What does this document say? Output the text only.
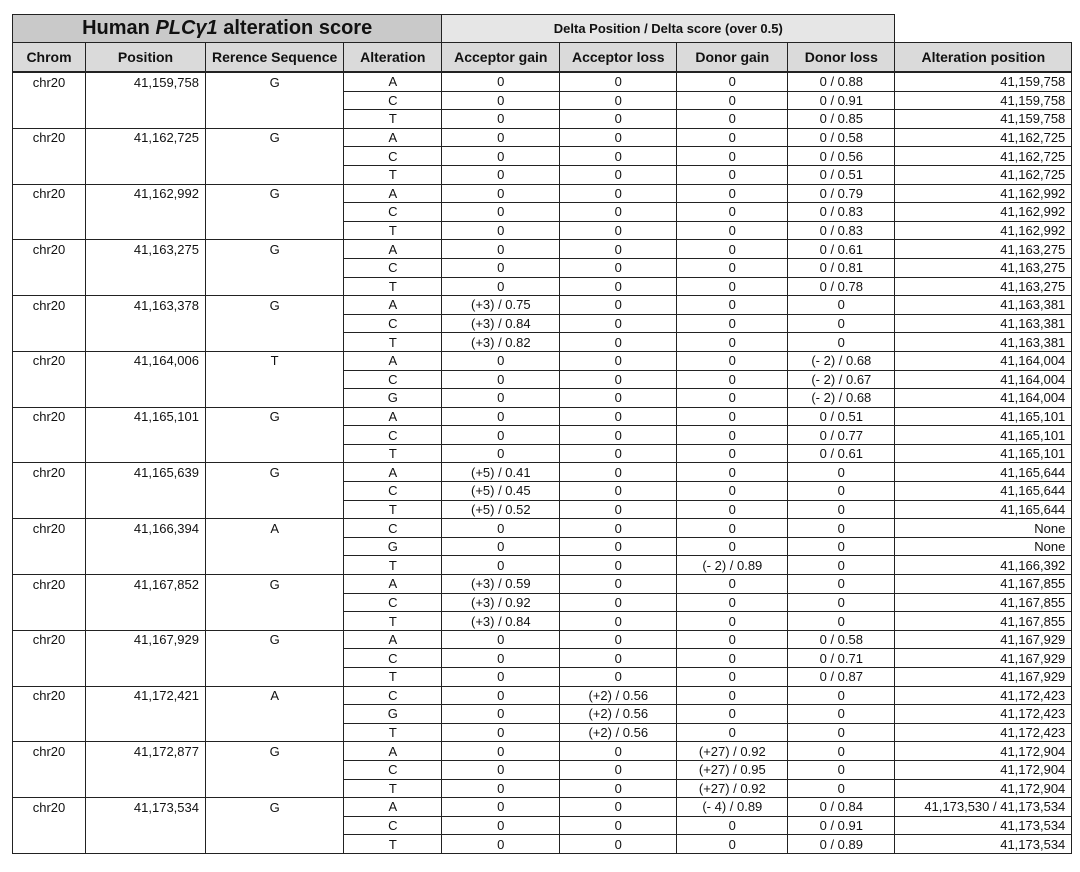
Human PLCγ1 alteration score				Delta Position / Delta score (over 0.5)				
Chrom	Position	Rerence Sequence	Alteration	Acceptor gain	Acceptor loss	Donor gain	Donor loss	Alteration position
chr20	41,159,758	G	A	0	0	0	0 / 0.88	41,159,758
			C	0	0	0	0 / 0.91	41,159,758
			T	0	0	0	0 / 0.85	41,159,758
chr20	41,162,725	G	A	0	0	0	0 / 0.58	41,162,725
			C	0	0	0	0 / 0.56	41,162,725
			T	0	0	0	0 / 0.51	41,162,725
chr20	41,162,992	G	A	0	0	0	0 / 0.79	41,162,992
			C	0	0	0	0 / 0.83	41,162,992
			T	0	0	0	0 / 0.83	41,162,992
chr20	41,163,275	G	A	0	0	0	0 / 0.61	41,163,275
			C	0	0	0	0 / 0.81	41,163,275
			T	0	0	0	0 / 0.78	41,163,275
chr20	41,163,378	G	A	(+3) / 0.75	0	0	0	41,163,381
			C	(+3) / 0.84	0	0	0	41,163,381
			T	(+3) / 0.82	0	0	0	41,163,381
chr20	41,164,006	T	A	0	0	0	(- 2) / 0.68	41,164,004
			C	0	0	0	(- 2) / 0.67	41,164,004
			G	0	0	0	(- 2) / 0.68	41,164,004
chr20	41,165,101	G	A	0	0	0	0 / 0.51	41,165,101
			C	0	0	0	0 / 0.77	41,165,101
			T	0	0	0	0 / 0.61	41,165,101
chr20	41,165,639	G	A	(+5) / 0.41	0	0	0	41,165,644
			C	(+5) / 0.45	0	0	0	41,165,644
			T	(+5) / 0.52	0	0	0	41,165,644
chr20	41,166,394	A	C	0	0	0	0	None
			G	0	0	0	0	None
			T	0	0	(- 2) / 0.89	0	41,166,392
chr20	41,167,852	G	A	(+3) / 0.59	0	0	0	41,167,855
			C	(+3) / 0.92	0	0	0	41,167,855
			T	(+3) / 0.84	0	0	0	41,167,855
chr20	41,167,929	G	A	0	0	0	0 / 0.58	41,167,929
			C	0	0	0	0 / 0.71	41,167,929
			T	0	0	0	0 / 0.87	41,167,929
chr20	41,172,421	A	C	0	(+2) / 0.56	0	0	41,172,423
			G	0	(+2) / 0.56	0	0	41,172,423
			T	0	(+2) / 0.56	0	0	41,172,423
chr20	41,172,877	G	A	0	0	(+27) / 0.92	0	41,172,904
			C	0	0	(+27) / 0.95	0	41,172,904
			T	0	0	(+27) / 0.92	0	41,172,904
chr20	41,173,534	G	A	0	0	(- 4) / 0.89	0 / 0.84	41,173,530 / 41,173,534
			C	0	0	0	0 / 0.91	41,173,534
			T	0	0	0	0 / 0.89	41,173,534
